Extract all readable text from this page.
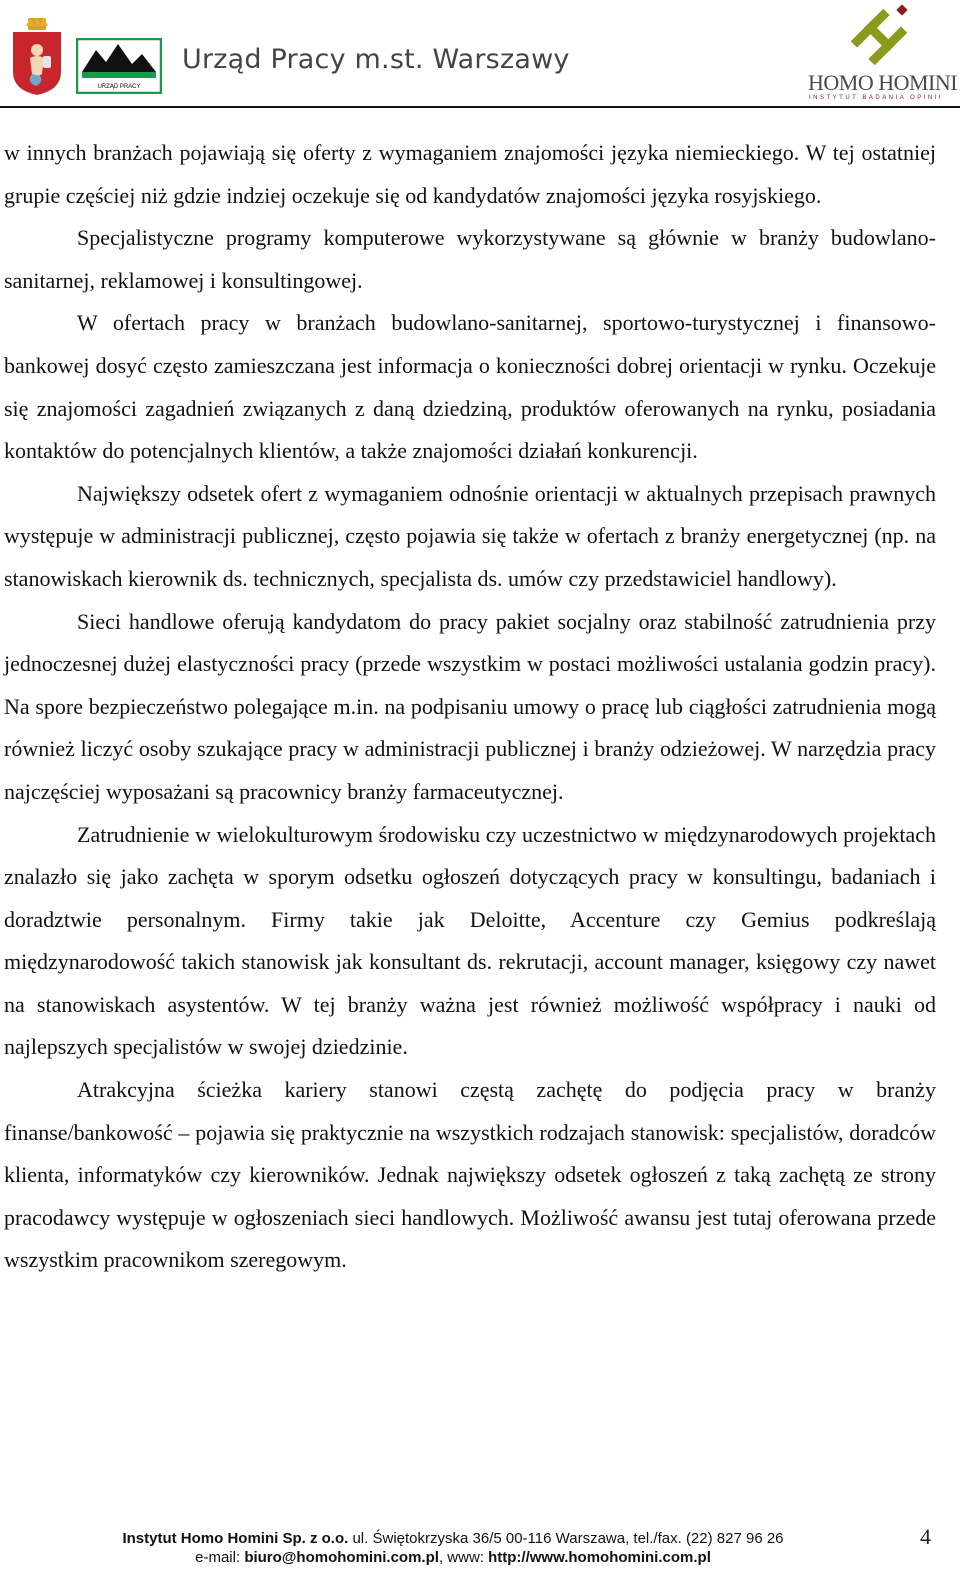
URZĄD PRACY
Urząd Pracy m.st. Warszawy
HOMO HOMINI
INSTYTUT BADANIA OPINII

w innych branżach pojawiają się oferty z wymaganiem znajomości języka niemieckiego. W tej ostatniej grupie częściej niż gdzie indziej oczekuje się od kandydatów znajomości języka rosyjskiego.

Specjalistyczne programy komputerowe wykorzystywane są głównie w branży budowlano-sanitarnej, reklamowej i konsultingowej.

W ofertach pracy w branżach budowlano-sanitarnej, sportowo-turystycznej i finansowo-bankowej dosyć często zamieszczana jest informacja o konieczności dobrej orientacji w rynku. Oczekuje się znajomości zagadnień związanych z daną dziedziną, produktów oferowanych na rynku, posiadania kontaktów do potencjalnych klientów, a także znajomości działań konkurencji.

Największy odsetek ofert z wymaganiem odnośnie orientacji w aktualnych przepisach prawnych występuje w administracji publicznej, często pojawia się także w ofertach z branży energetycznej (np. na stanowiskach kierownik ds. technicznych, specjalista ds. umów czy przedstawiciel handlowy).

Sieci handlowe oferują kandydatom do pracy pakiet socjalny oraz stabilność zatrudnienia przy jednoczesnej dużej elastyczności pracy (przede wszystkim w postaci możliwości ustalania godzin pracy). Na spore bezpieczeństwo polegające m.in. na podpisaniu umowy o pracę lub ciągłości zatrudnienia mogą również liczyć osoby szukające pracy w administracji publicznej i branży odzieżowej. W narzędzia pracy najczęściej wyposażani są pracownicy branży farmaceutycznej.

Zatrudnienie w wielokulturowym środowisku czy uczestnictwo w międzynarodowych projektach znalazło się jako zachęta w sporym odsetku ogłoszeń dotyczących pracy w konsultingu, badaniach i doradztwie personalnym. Firmy takie jak Deloitte, Accenture czy Gemius podkreślają międzynarodowość takich stanowisk jak konsultant ds. rekrutacji, account manager, księgowy czy nawet na stanowiskach asystentów. W tej branży ważna jest również możliwość współpracy i nauki od najlepszych specjalistów w swojej dziedzinie.

Atrakcyjna ścieżka kariery stanowi częstą zachętę do podjęcia pracy w branży finanse/bankowość – pojawia się praktycznie na wszystkich rodzajach stanowisk: specjalistów, doradców klienta, informatyków czy kierowników. Jednak największy odsetek ogłoszeń z taką zachętą ze strony pracodawcy występuje w ogłoszeniach sieci handlowych. Możliwość awansu jest tutaj oferowana przede wszystkim pracownikom szeregowym.

Instytut Homo Homini Sp. z o.o. ul. Świętokrzyska 36/5 00-116 Warszawa, tel./fax. (22) 827 96 26
e-mail: biuro@homohomini.com.pl, www: http://www.homohomini.com.pl
4
